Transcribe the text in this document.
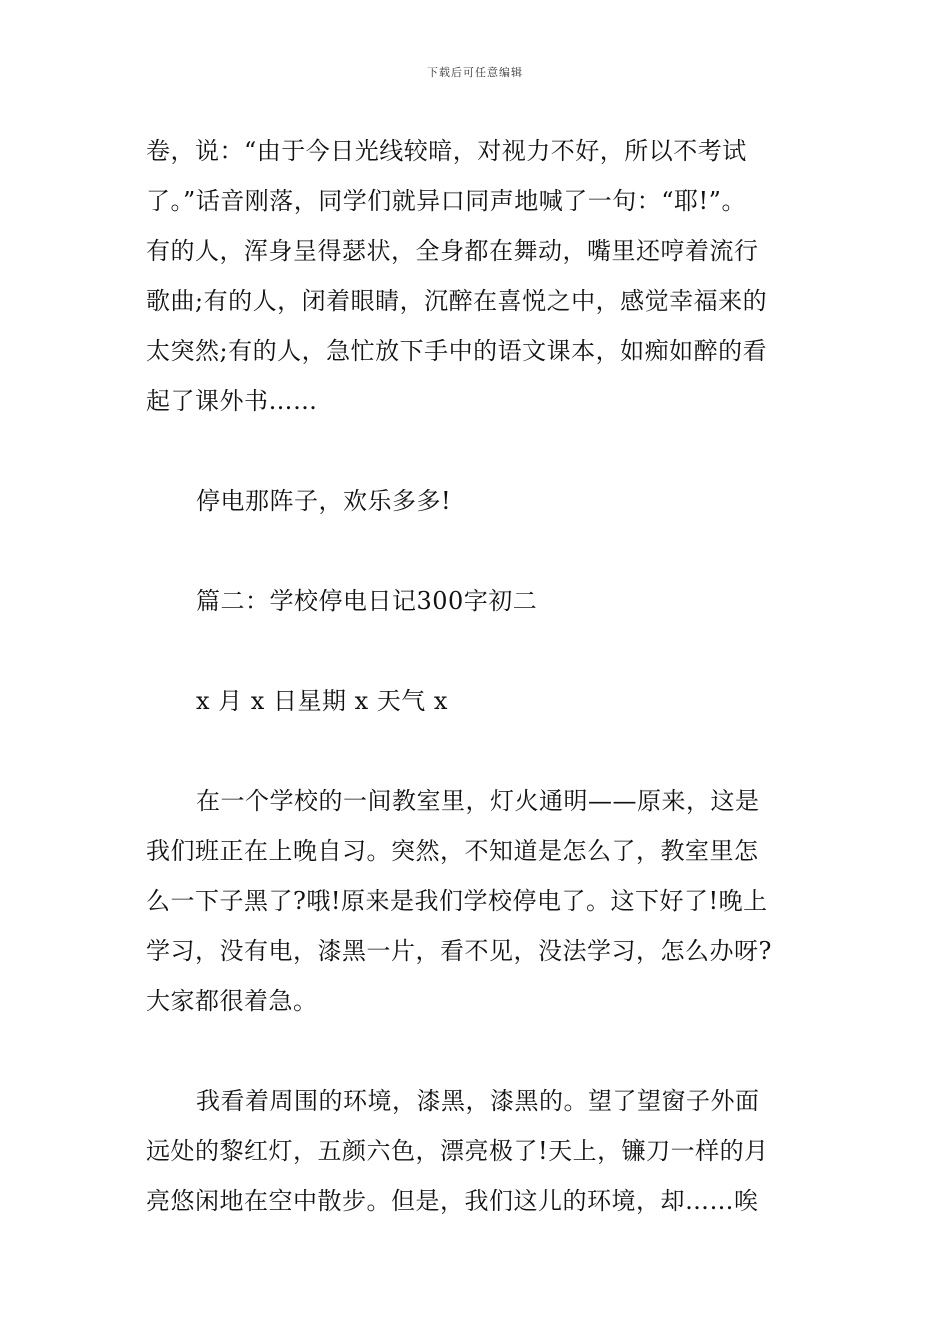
下载后可任意编辑
卷，说：“由于今日光线较暗，对视力不好，所以不考试
了。”话音刚落，同学们就异口同声地喊了一句：“耶!”。
有的人，浑身呈得瑟状，全身都在舞动，嘴里还哼着流行
歌曲;有的人，闭着眼睛，沉醉在喜悦之中，感觉幸福来的
太突然;有的人，急忙放下手中的语文课本，如痴如醉的看
起了课外书……
停电那阵子，欢乐多多!
篇二：学校停电日记300字初二
x 月 x 日星期 x 天气 x
在一个学校的一间教室里，灯火通明——原来，这是
我们班正在上晚自习。突然，不知道是怎么了，教室里怎
么一下子黑了?哦!原来是我们学校停电了。这下好了!晚上
学习，没有电，漆黑一片，看不见，没法学习，怎么办呀?
大家都很着急。
我看着周围的环境，漆黑，漆黑的。望了望窗子外面
远处的黎红灯，五颜六色，漂亮极了!天上，镰刀一样的月
亮悠闲地在空中散步。但是，我们这儿的环境，却……唉
